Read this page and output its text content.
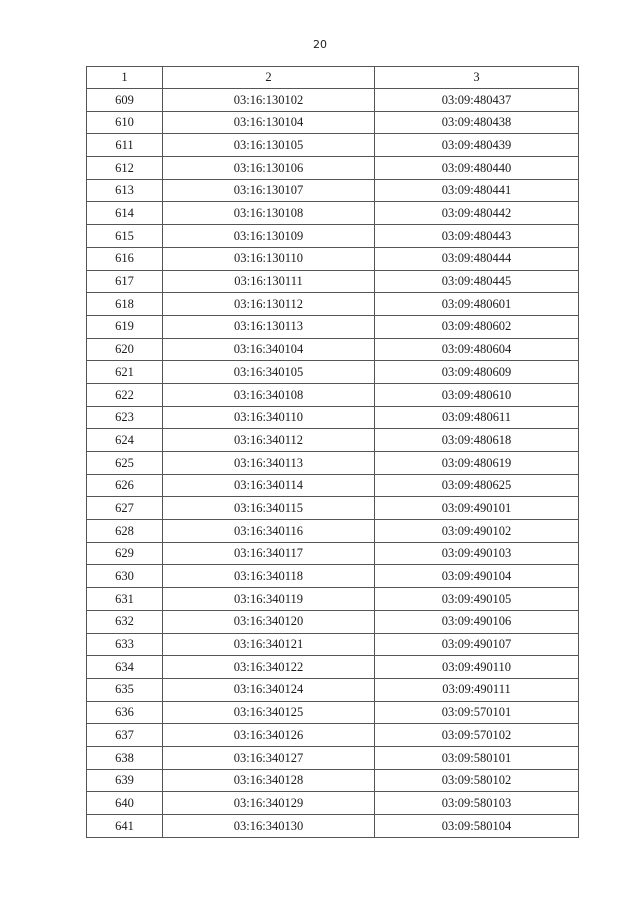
20
1	2	3
609	03:16:130102	03:09:480437
610	03:16:130104	03:09:480438
611	03:16:130105	03:09:480439
612	03:16:130106	03:09:480440
613	03:16:130107	03:09:480441
614	03:16:130108	03:09:480442
615	03:16:130109	03:09:480443
616	03:16:130110	03:09:480444
617	03:16:130111	03:09:480445
618	03:16:130112	03:09:480601
619	03:16:130113	03:09:480602
620	03:16:340104	03:09:480604
621	03:16:340105	03:09:480609
622	03:16:340108	03:09:480610
623	03:16:340110	03:09:480611
624	03:16:340112	03:09:480618
625	03:16:340113	03:09:480619
626	03:16:340114	03:09:480625
627	03:16:340115	03:09:490101
628	03:16:340116	03:09:490102
629	03:16:340117	03:09:490103
630	03:16:340118	03:09:490104
631	03:16:340119	03:09:490105
632	03:16:340120	03:09:490106
633	03:16:340121	03:09:490107
634	03:16:340122	03:09:490110
635	03:16:340124	03:09:490111
636	03:16:340125	03:09:570101
637	03:16:340126	03:09:570102
638	03:16:340127	03:09:580101
639	03:16:340128	03:09:580102
640	03:16:340129	03:09:580103
641	03:16:340130	03:09:580104
